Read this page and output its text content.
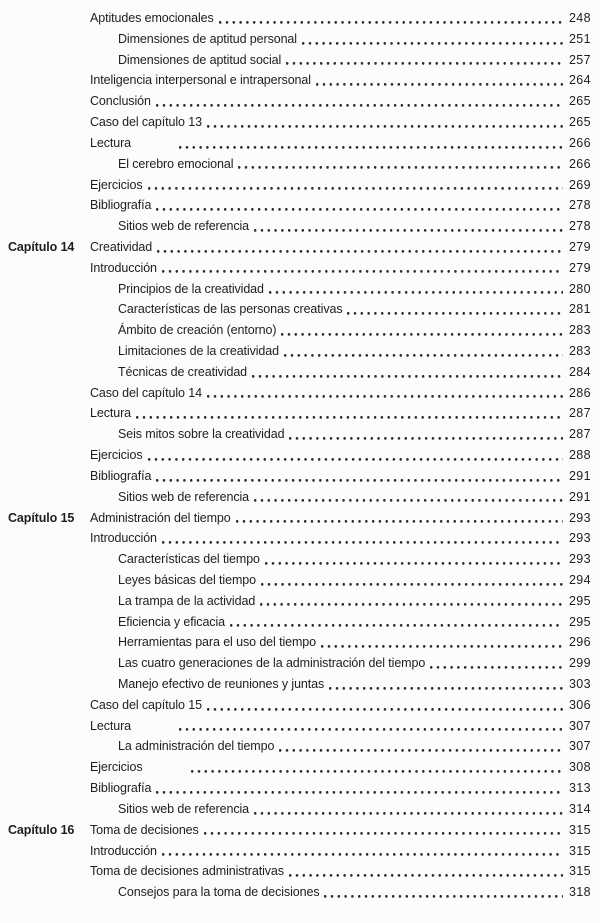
Aptitudes emocionales	248
Dimensiones de aptitud personal	251
Dimensiones de aptitud social	257
Inteligencia interpersonal e intrapersonal	264
Conclusión	265
Caso del capítulo 13	265
Lectura	266
El cerebro emocional	266
Ejercicios	269
Bibliografía	278
Sitios web de referencia	278
Capítulo 14	Creatividad	279
Introducción	279
Principios de la creatividad	280
Características de las personas creativas	281
Ámbito de creación (entorno)	283
Limitaciones de la creatividad	283
Técnicas de creatividad	284
Caso del capítulo 14	286
Lectura	287
Seis mitos sobre la creatividad	287
Ejercicios	288
Bibliografía	291
Sitios web de referencia	291
Capítulo 15	Administración del tiempo	293
Introducción	293
Características del tiempo	293
Leyes básicas del tiempo	294
La trampa de la actividad	295
Eficiencia y eficacia	295
Herramientas para el uso del tiempo	296
Las cuatro generaciones de la administración del tiempo	299
Manejo efectivo de reuniones y juntas	303
Caso del capítulo 15	306
Lectura	307
La administración del tiempo	307
Ejercicios	308
Bibliografía	313
Sitios web de referencia	314
Capítulo 16	Toma de decisiones	315
Introducción	315
Toma de decisiones administrativas	315
Consejos para la toma de decisiones	318
